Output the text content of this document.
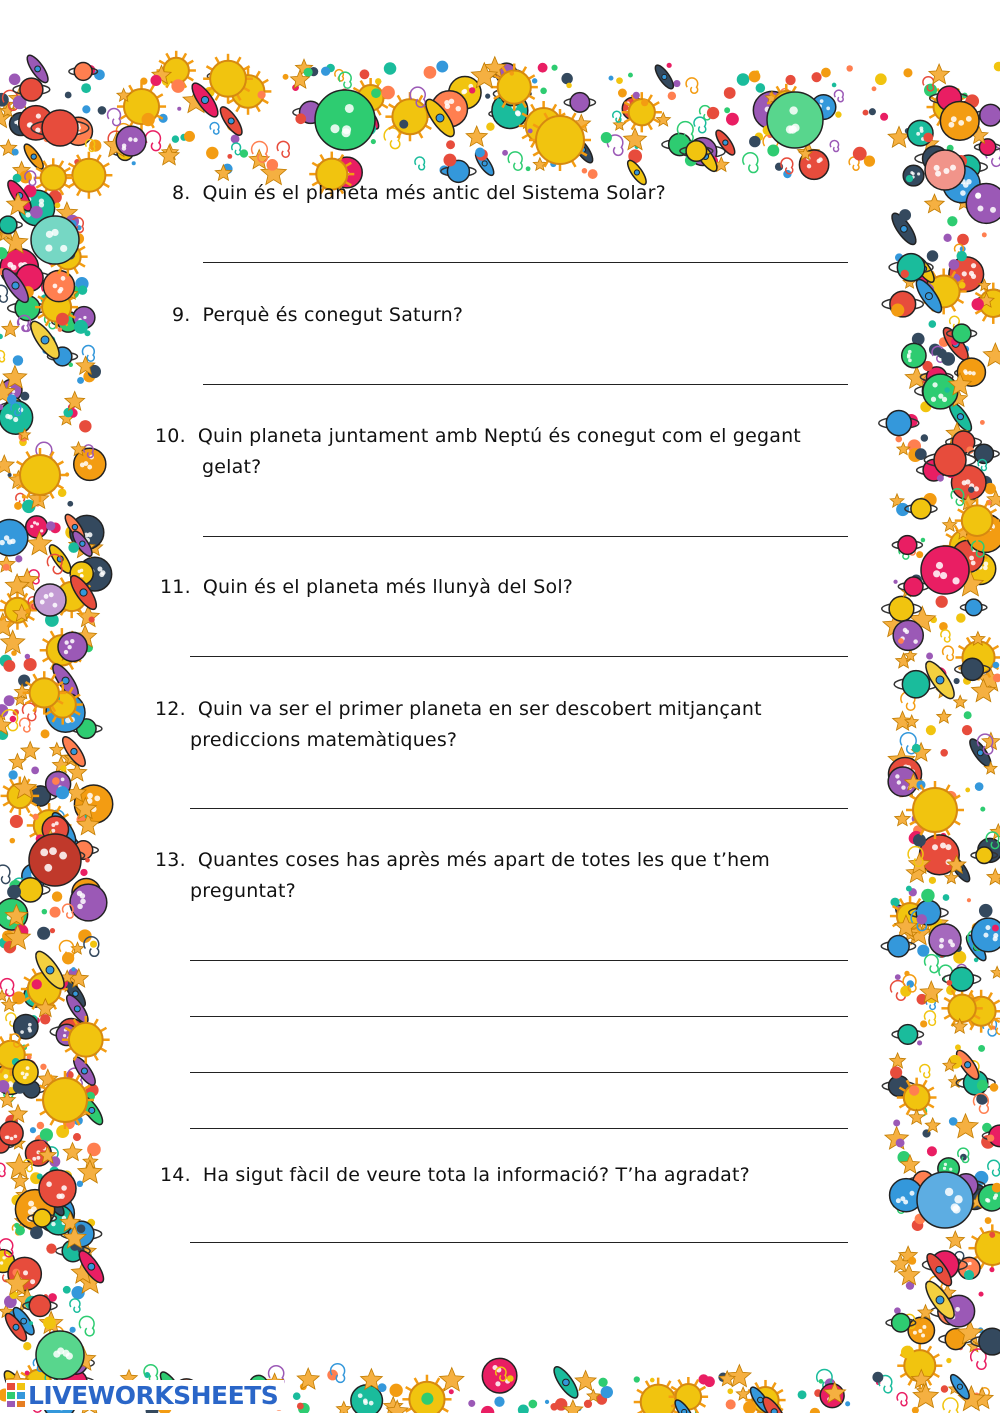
8. Quin és el planeta més antic del Sistema Solar?
9. Perquè és conegut Saturn?
10. Quin planeta juntament amb Neptú és conegut com el gegant
gelat?
11. Quin és el planeta més llunyà del Sol?
12. Quin va ser el primer planeta en ser descobert mitjançant
prediccions matemàtiques?
13. Quantes coses has après més apart de totes les que t’hem
preguntat?
14. Ha sigut fàcil de veure tota la informació? T’ha agradat?
LIVEWORKSHEETS
